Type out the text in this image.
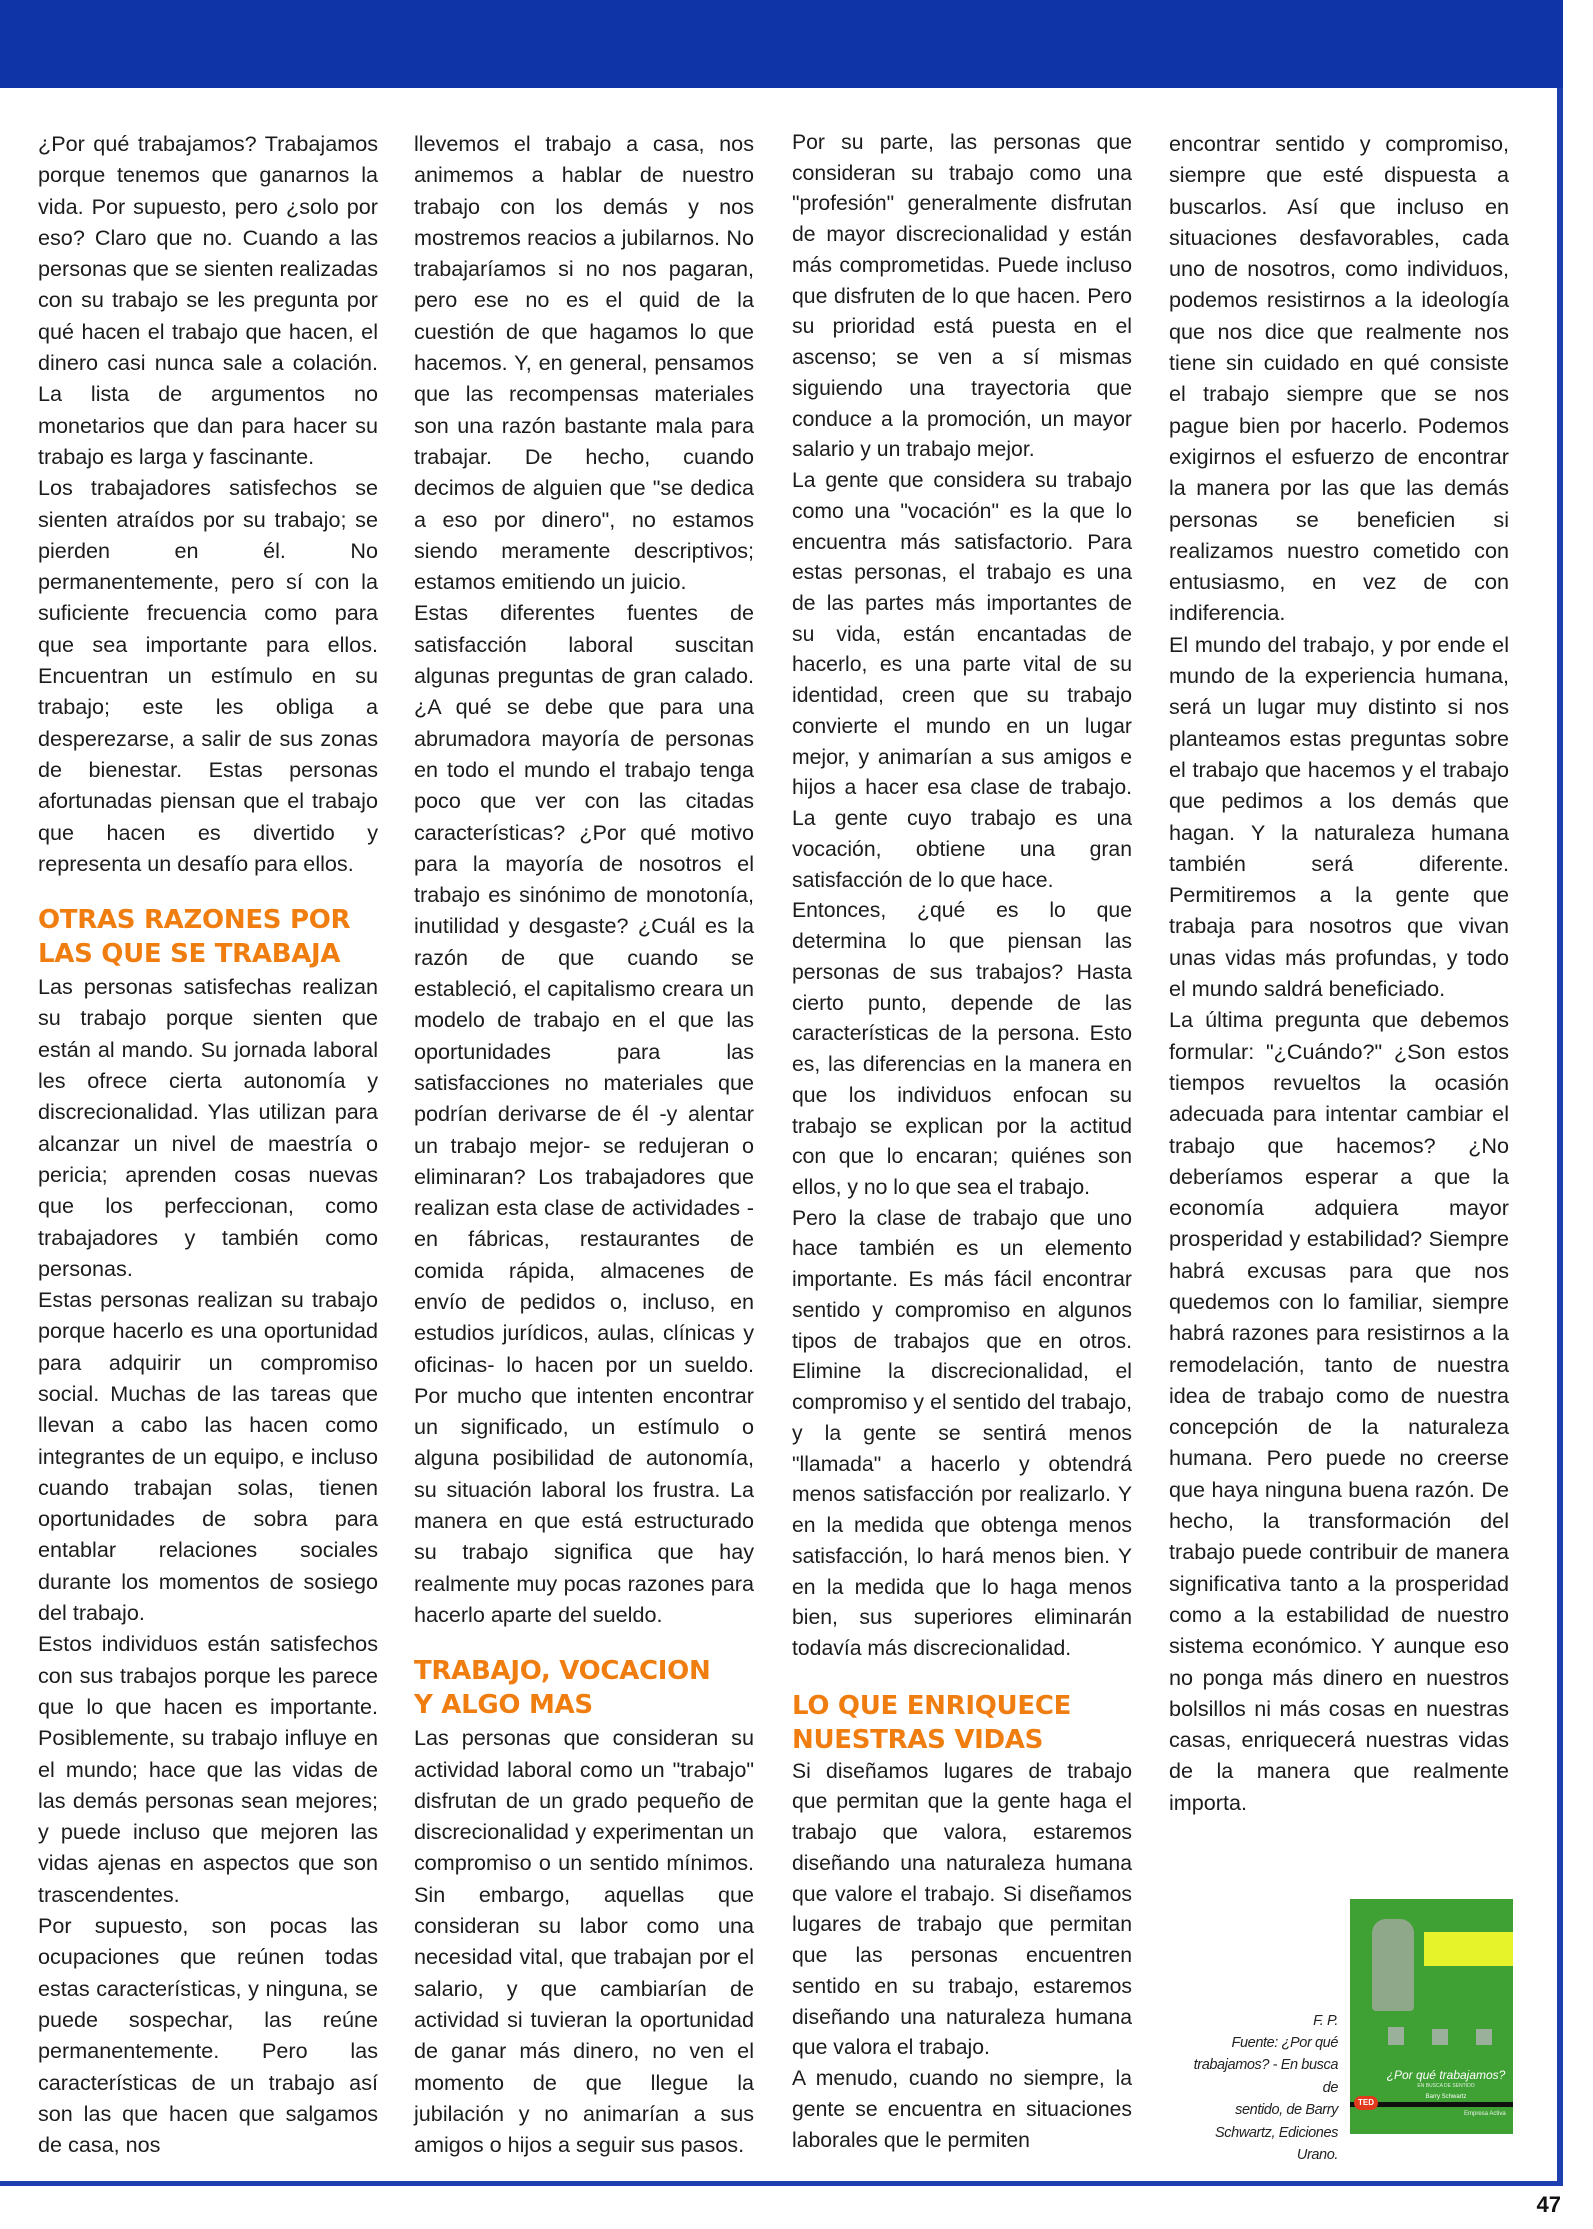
47

¿Por qué trabajamos? Trabajamos porque tenemos que ganarnos la vida. Por supuesto, pero ¿solo por eso? Claro que no. Cuando a las personas que se sienten realizadas con su trabajo se les pregunta por qué hacen el trabajo que hacen, el dinero casi nunca sale a colación. La lista de argumentos no monetarios que dan para hacer su trabajo es larga y fascinante.

Los trabajadores satisfechos se sienten atraídos por su trabajo; se pierden en él. No permanentemente, pero sí con la suficiente frecuencia como para que sea importante para ellos. Encuentran un estímulo en su trabajo; este les obliga a desperezarse, a salir de sus zonas de bienestar. Estas personas afortunadas piensan que el trabajo que hacen es divertido y representa un desafío para ellos.

OTRAS RAZONES POR
LAS QUE SE TRABAJA

Las personas satisfechas realizan su trabajo porque sienten que están al mando. Su jornada laboral les ofrece cierta autonomía y discrecionalidad. Ylas utilizan para alcanzar un nivel de maestría o pericia; aprenden cosas nuevas que los perfeccionan, como trabajadores y también como personas.

Estas personas realizan su trabajo porque hacerlo es una oportunidad para adquirir un compromiso social. Muchas de las tareas que llevan a cabo las hacen como integrantes de un equipo, e incluso cuando trabajan solas, tienen oportunidades de sobra para entablar relaciones sociales durante los momentos de sosiego del trabajo.

Estos individuos están satisfechos con sus trabajos porque les parece que lo que hacen es importante. Posiblemente, su trabajo influye en el mundo; hace que las vidas de las demás personas sean mejores; y puede incluso que mejoren las vidas ajenas en aspectos que son trascendentes.

Por supuesto, son pocas las ocupaciones que reúnen todas estas características, y ninguna, se puede sospechar, las reúne permanentemente. Pero las características de un trabajo así son las que hacen que salgamos de casa, nos

llevemos el trabajo a casa, nos animemos a hablar de nuestro trabajo con los demás y nos mostremos reacios a jubilarnos. No trabajaríamos si no nos pagaran, pero ese no es el quid de la cuestión de que hagamos lo que hacemos. Y, en general, pensamos que las recompensas materiales son una razón bastante mala para trabajar. De hecho, cuando decimos de alguien que "se dedica a eso por dinero", no estamos siendo meramente descriptivos; estamos emitiendo un juicio.

Estas diferentes fuentes de satisfacción laboral suscitan algunas preguntas de gran calado. ¿A qué se debe que para una abrumadora mayoría de personas en todo el mundo el trabajo tenga poco que ver con las citadas características? ¿Por qué motivo para la mayoría de nosotros el trabajo es sinónimo de monotonía, inutilidad y desgaste? ¿Cuál es la razón de que cuando se estableció, el capitalismo creara un modelo de trabajo en el que las oportunidades para las satisfacciones no materiales que podrían derivarse de él -y alentar un trabajo mejor- se redujeran o eliminaran? Los trabajadores que realizan esta clase de actividades -en fábricas, restaurantes de comida rápida, almacenes de envío de pedidos o, incluso, en estudios jurídicos, aulas, clínicas y oficinas- lo hacen por un sueldo. Por mucho que intenten encontrar un significado, un estímulo o alguna posibilidad de autonomía, su situación laboral los frustra. La manera en que está estructurado su trabajo significa que hay realmente muy pocas razones para hacerlo aparte del sueldo.

TRABAJO, VOCACION
Y ALGO MAS

Las personas que consideran su actividad laboral como un "trabajo" disfrutan de un grado pequeño de discrecionalidad y experimentan un compromiso o un sentido mínimos. Sin embargo, aquellas que consideran su labor como una necesidad vital, que trabajan por el salario, y que cambiarían de actividad si tuvieran la oportunidad de ganar más dinero, no ven el momento de que llegue la jubilación y no animarían a sus amigos o hijos a seguir sus pasos.

Por su parte, las personas que consideran su trabajo como una "profesión" generalmente disfrutan de mayor discrecionalidad y están más comprometidas. Puede incluso que disfruten de lo que hacen. Pero su prioridad está puesta en el ascenso; se ven a sí mismas siguiendo una trayectoria que conduce a la promoción, un mayor salario y un trabajo mejor.

La gente que considera su trabajo como una "vocación" es la que lo encuentra más satisfactorio. Para estas personas, el trabajo es una de las partes más importantes de su vida, están encantadas de hacerlo, es una parte vital de su identidad, creen que su trabajo convierte el mundo en un lugar mejor, y animarían a sus amigos e hijos a hacer esa clase de trabajo. La gente cuyo trabajo es una vocación, obtiene una gran satisfacción de lo que hace.

Entonces, ¿qué es lo que determina lo que piensan las personas de sus trabajos? Hasta cierto punto, depende de las características de la persona. Esto es, las diferencias en la manera en que los individuos enfocan su trabajo se explican por la actitud con que lo encaran; quiénes son ellos, y no lo que sea el trabajo.

Pero la clase de trabajo que uno hace también es un elemento importante. Es más fácil encontrar sentido y compromiso en algunos tipos de trabajos que en otros. Elimine la discrecionalidad, el compromiso y el sentido del trabajo, y la gente se sentirá menos "llamada" a hacerlo y obtendrá menos satisfacción por realizarlo. Y en la medida que obtenga menos satisfacción, lo hará menos bien. Y en la medida que lo haga menos bien, sus superiores eliminarán todavía más discrecionalidad.

LO QUE ENRIQUECE
NUESTRAS VIDAS

Si diseñamos lugares de trabajo que permitan que la gente haga el trabajo que valora, estaremos diseñando una naturaleza humana que valore el trabajo. Si diseñamos lugares de trabajo que permitan que las personas encuentren sentido en su trabajo, estaremos diseñando una naturaleza humana que valora el trabajo.

A menudo, cuando no siempre, la gente se encuentra en situaciones laborales que le permiten

encontrar sentido y compromiso, siempre que esté dispuesta a buscarlos. Así que incluso en situaciones desfavorables, cada uno de nosotros, como individuos, podemos resistirnos a la ideología que nos dice que realmente nos tiene sin cuidado en qué consiste el trabajo siempre que se nos pague bien por hacerlo. Podemos exigirnos el esfuerzo de encontrar la manera por las que las demás personas se beneficien si realizamos nuestro cometido con entusiasmo, en vez de con indiferencia.

El mundo del trabajo, y por ende el mundo de la experiencia humana, será un lugar muy distinto si nos planteamos estas preguntas sobre el trabajo que hacemos y el trabajo que pedimos a los demás que hagan. Y la naturaleza humana también será diferente. Permitiremos a la gente que trabaja para nosotros que vivan unas vidas más profundas, y todo el mundo saldrá beneficiado.

La última pregunta que debemos formular: "¿Cuándo?" ¿Son estos tiempos revueltos la ocasión adecuada para intentar cambiar el trabajo que hacemos? ¿No deberíamos esperar a que la economía adquiera mayor prosperidad y estabilidad? Siempre habrá excusas para que nos quedemos con lo familiar, siempre habrá razones para resistirnos a la remodelación, tanto de nuestra idea de trabajo como de nuestra concepción de la naturaleza humana. Pero puede no creerse que haya ninguna buena razón. De hecho, la transformación del trabajo puede contribuir de manera significativa tanto a la prosperidad como a la estabilidad de nuestro sistema económico. Y aunque eso no ponga más dinero en nuestros bolsillos ni más cosas en nuestras casas, enriquecerá nuestras vidas de la manera que realmente importa.

¿Por qué trabajamos?
EN BUSCA DE SENTIDO
Barry Schwartz
TED
Empresa Activa
F. P.
Fuente: ¿Por qué
trabajamos? - En busca de
sentido, de Barry
Schwartz, Ediciones Urano.
